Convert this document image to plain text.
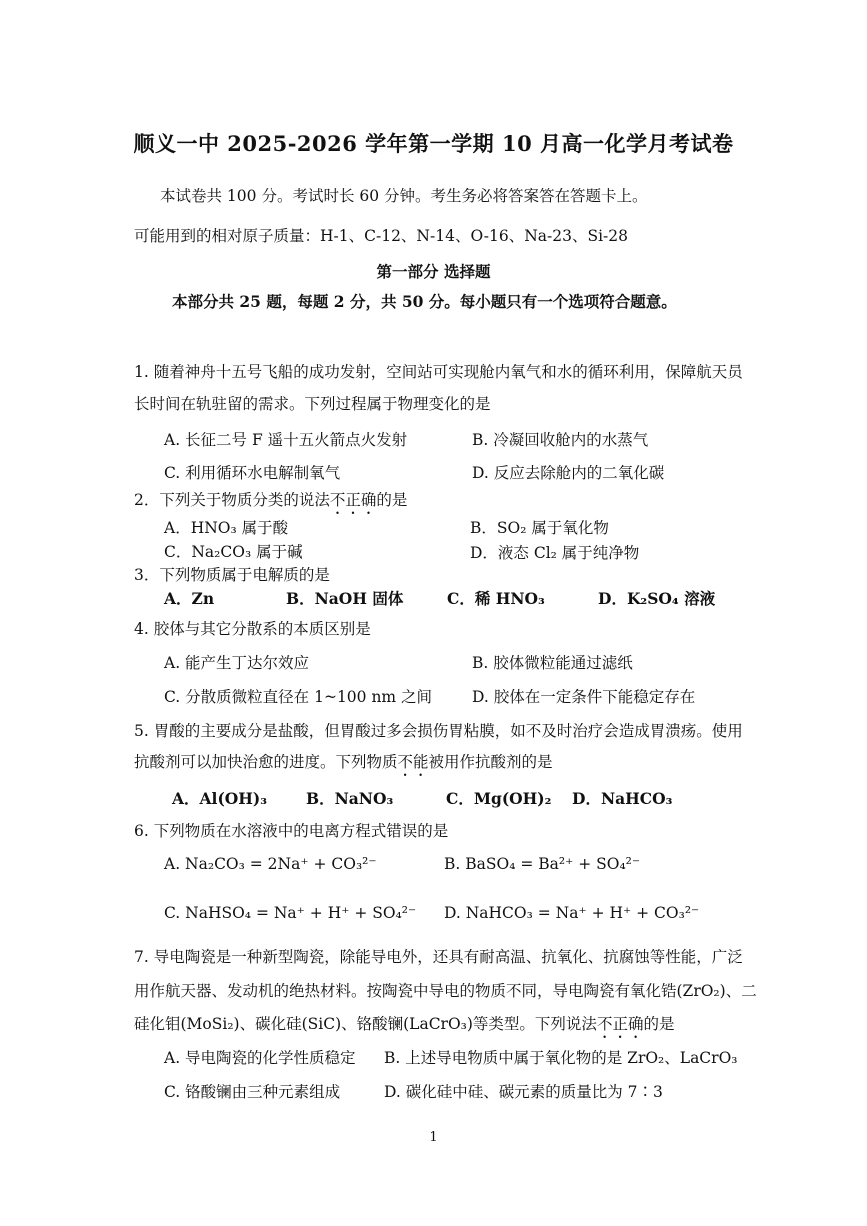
顺义一中 2025-2026 学年第一学期 10 月高一化学月考试卷
本试卷共 100 分。考试时长 60 分钟。考生务必将答案答在答题卡上。
可能用到的相对原子质量：H-1、C-12、N-14、O-16、Na-23、Si-28
第一部分 选择题
本部分共 25 题，每题 2 分，共 50 分。每小题只有一个选项符合题意。
1. 随着神舟十五号飞船的成功发射，空间站可实现舱内氧气和水的循环利用，保障航天员
长时间在轨驻留的需求。下列过程属于物理变化的是
A. 长征二号 F 遥十五火箭点火发射	B. 冷凝回收舱内的水蒸气
C. 利用循环水电解制氧气	D. 反应去除舱内的二氧化碳
2．下列关于物质分类的说法不正确的是
A．HNO₃ 属于酸	B．SO₂ 属于氧化物
C．Na₂CO₃ 属于碱	D．液态 Cl₂ 属于纯净物
3．下列物质属于电解质的是
A．Zn	B．NaOH 固体	C．稀 HNO₃	D．K₂SO₄ 溶液
4. 胶体与其它分散系的本质区别是
A. 能产生丁达尔效应	B. 胶体微粒能通过滤纸
C. 分散质微粒直径在 1~100 nm 之间	D. 胶体在一定条件下能稳定存在
5. 胃酸的主要成分是盐酸，但胃酸过多会损伤胃粘膜，如不及时治疗会造成胃溃疡。使用
抗酸剂可以加快治愈的进度。下列物质不能被用作抗酸剂的是
A．Al(OH)₃	B．NaNO₃	C．Mg(OH)₂ D．NaHCO₃
6. 下列物质在水溶液中的电离方程式错误的是
A. Na₂CO₃ = 2Na⁺ + CO₃²⁻	B. BaSO₄ = Ba²⁺ + SO₄²⁻
C. NaHSO₄ = Na⁺ + H⁺ + SO₄²⁻ D. NaHCO₃ = Na⁺ + H⁺ + CO₃²⁻
7. 导电陶瓷是一种新型陶瓷，除能导电外，还具有耐高温、抗氧化、抗腐蚀等性能，广泛
用作航天器、发动机的绝热材料。按陶瓷中导电的物质不同，导电陶瓷有氧化锆(ZrO₂)、二
硅化钼(MoSi₂)、碳化硅(SiC)、铬酸镧(LaCrO₃)等类型。下列说法不正确的是
A. 导电陶瓷的化学性质稳定 B. 上述导电物质中属于氧化物的是 ZrO₂、LaCrO₃
C. 铬酸镧由三种元素组成	D. 碳化硅中硅、碳元素的质量比为 7∶3
1
